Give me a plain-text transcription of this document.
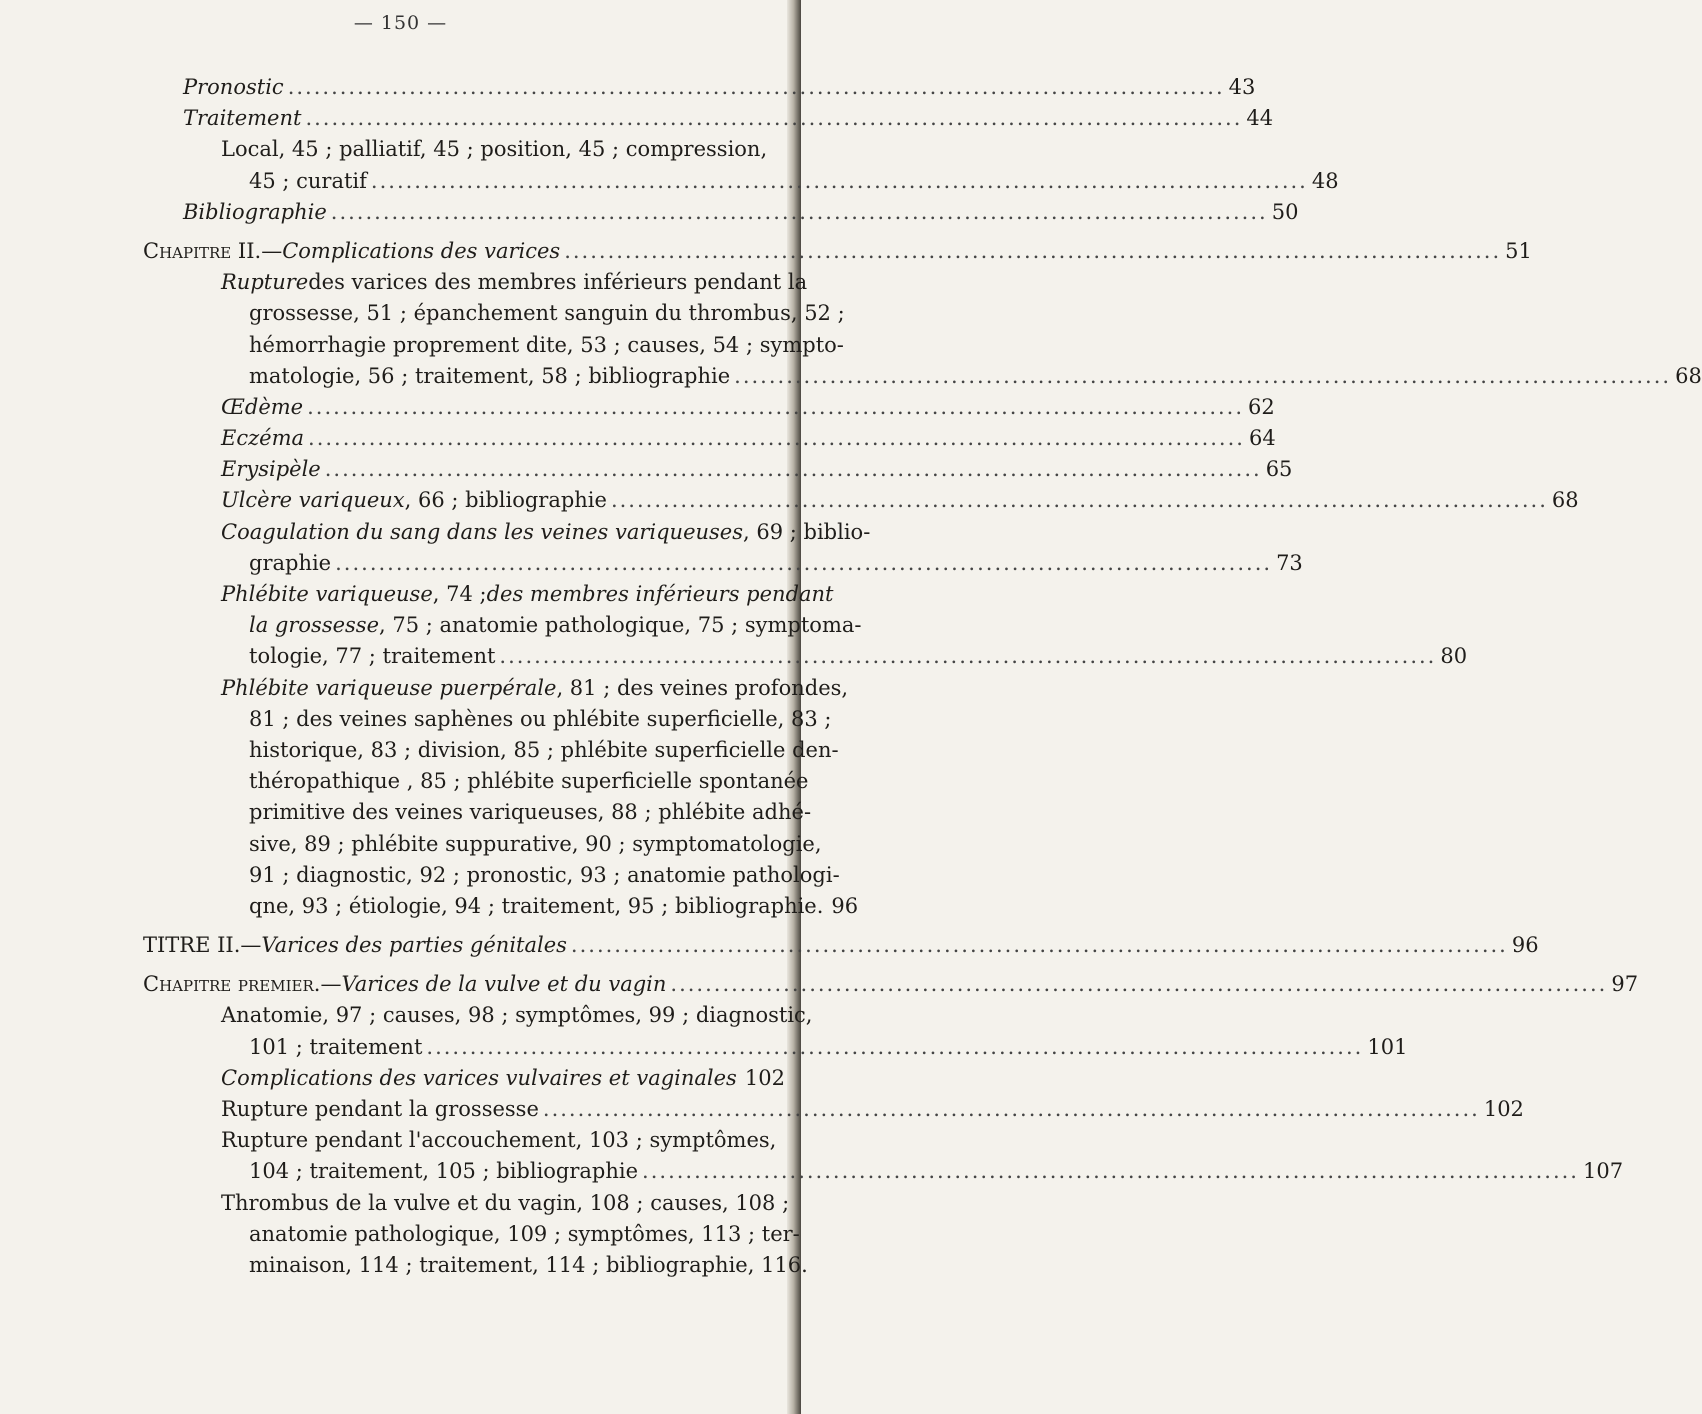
— 150 —
Pronostic .....	43
Traitement .....	44
Local, 45 ; palliatif, 45 ; position, 45 ; compression,
45 ; curatif .....	48
Bibliographie .....	50
Chapitre II. — Complications des varices .....	51
Rupture des varices des membres inférieurs pendant la
grossesse, 51 ; épanchement sanguin du thrombus, 52 ;
hémorrhagie proprement dite, 53 ; causes, 54 ; sympto-
matologie, 56 ; traitement, 58 ; bibliographie .....	68
Œdème .....	62
Eczéma .....	64
Erysipèle .....	65
Ulcère variqueux , 66 ; bibliographie .....	68
Coagulation du sang dans les veines variqueuses , 69 ; biblio-
graphie .....	73
Phlébite variqueuse , 74 ; des membres inférieurs pendant
la grossesse , 75 ; anatomie pathologique, 75 ; symptoma-
tologie, 77 ; traitement .....	80
Phlébite variqueuse puerpérale , 81 ; des veines profondes,
81 ; des veines saphènes ou phlébite superficielle, 83 ;
historique, 83 ; division, 85 ; phlébite superficielle den-
théropathique , 85 ; phlébite superficielle spontanée
primitive des veines variqueuses, 88 ; phlébite adhé-
sive, 89 ; phlébite suppurative, 90 ; symptomatologie,
91 ; diagnostic, 92 ; pronostic, 93 ; anatomie pathologi-
qne, 93 ; étiologie, 94 ; traitement, 95 ; bibliographie. 96
TITRE II. — Varices des parties génitales .....	96
Chapitre premier. — Varices de la vulve et du vagin .....	97
Anatomie, 97 ; causes, 98 ; symptômes, 99 ; diagnostic,
101 ; traitement .....	101
Complications des varices vulvaires et vaginales 102
Rupture pendant la grossesse .....	102
Rupture pendant l'accouchement, 103 ; symptômes,
104 ; traitement, 105 ; bibliographie .....	107
Thrombus de la vulve et du vagin, 108 ; causes, 108 ;
anatomie pathologique, 109 ; symptômes, 113 ; ter-
minaison, 114 ; traitement, 114 ; bibliographie, 116.
